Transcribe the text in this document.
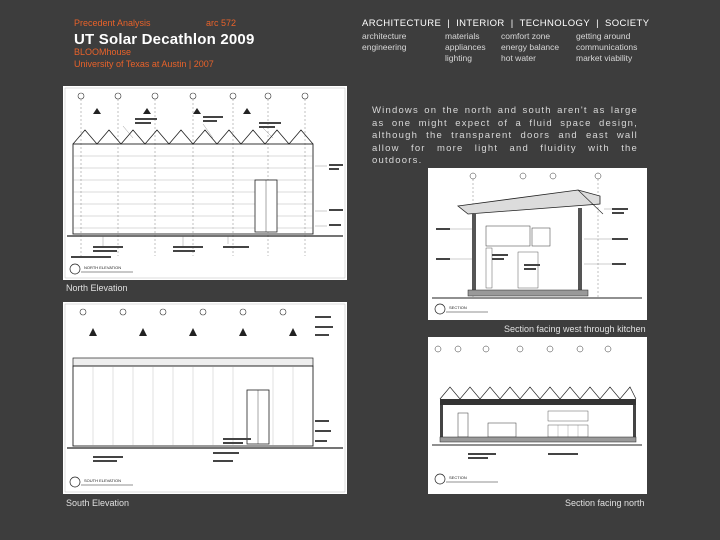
Precedent Analysis	arc 572
UT Solar Decathlon 2009
BLOOMhouse
University of Texas at Austin | 2007
ARCHITECTURE | INTERIOR | TECHNOLOGY | SOCIETY
architecture
engineering
materials
appliances
lighting
comfort zone
energy balance
hot water
getting around
communications
market viability
Windows on the north and south aren't as large as one might expect of a fluid space design, although the transparent doors and east wall allow for more light and fluidity with the outdoors.
NORTH ELEVATION
North Elevation
SECTION
Section facing west through kitchen
SOUTH ELEVATION
South Elevation
SECTION
Section facing north
